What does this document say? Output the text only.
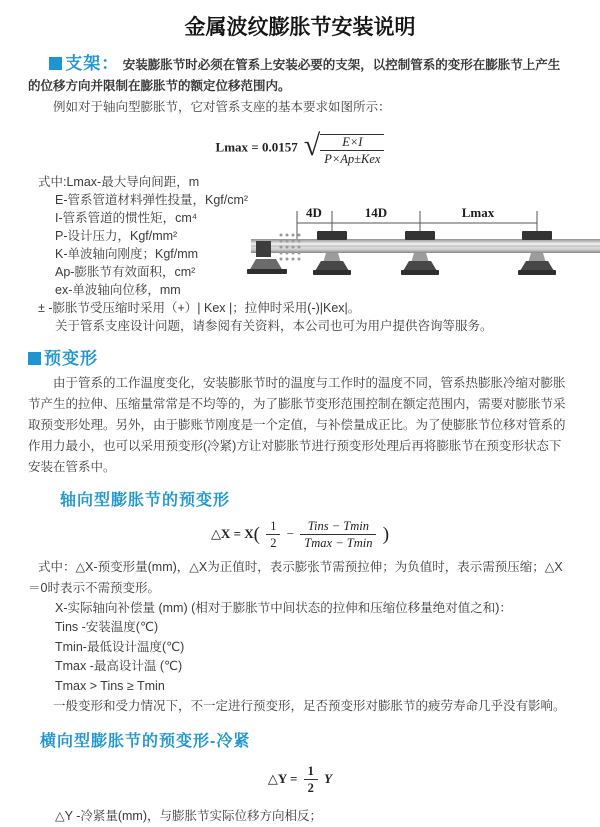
金属波纹膨胀节安装说明

支架： 安装膨胀节时必须在管系上安装必要的支架，以控制管系的变形在膨胀节上产生的位移方向并限制在膨胀节的额定位移范围内。

例如对于轴向型膨胀节，它对管系支座的基本要求如图所示：

Lmax = 0.0157 √ $\frac{E\times I}{\text{P×Ap±Kex}}$

式中:Lmax-最大导向间距，m

E-管系管道材料弹性投量，Kgf/cm²

I-管系管道的惯性矩，cm⁴

P-设计压力，Kgf/mm²

K-单波轴向刚度；Kgf/mm

Ap-膨胀节有效面积，cm²

ex-单波轴向位移，mm

± -膨胀节受压缩时采用（+）| Kex |；拉伸时采用(-)|Kex|。

关于管系支座设计问题，请参阅有关资料，本公司也可为用户提供咨询等服务。

4D	14D	Lmax

预变形

由于管系的工作温度变化，安装膨胀节时的温度与工作时的温度不同，管系热膨胀冷缩对膨胀节产生的拉伸、压缩量常常是不均等的，为了膨胀节变形范围控制在额定范围内，需要对膨胀节采取预变形处理。另外，由于膨账节刚度是一个定值，与补偿量成正比。为了使膨胀节位移对管系的作用力最小，也可以采用预变形(冷紧)方让对膨胀节进行预变形处理后再将膨胀节在预变形状态下安装在管系中。

轴向型膨胀节的预变形
△X = $X( \frac{1}{2} - \frac{\text{Tins − Tmin}}{Tmax - Tmin}$ )

式中：△X-预变形量(mm)，△X为正值时，表示膨张节需预拉伸；为负值时，表示需预压缩；△X＝0时表示不需预变形。

X-实际轴向补偿量 (mm) (相对于膨胀节中间状态的拉伸和压缩位移量绝对值之和)：

Tins -安装温度(℃)

Tmin-最低设计温度(℃)

Tmax -最高设计温 (℃)

Tmax > Tins ≥ Tmin

一般变形和受力情况下，不一定进行预变形，足否预变形对膨胀节的疲劳寿命几乎没有影响。

横向型膨胀节的预变形-冷紧
△Y = $\frac{1}{2}$ Y

△Y -冷紧量(mm)，与膨胀节实际位移方向相反；
